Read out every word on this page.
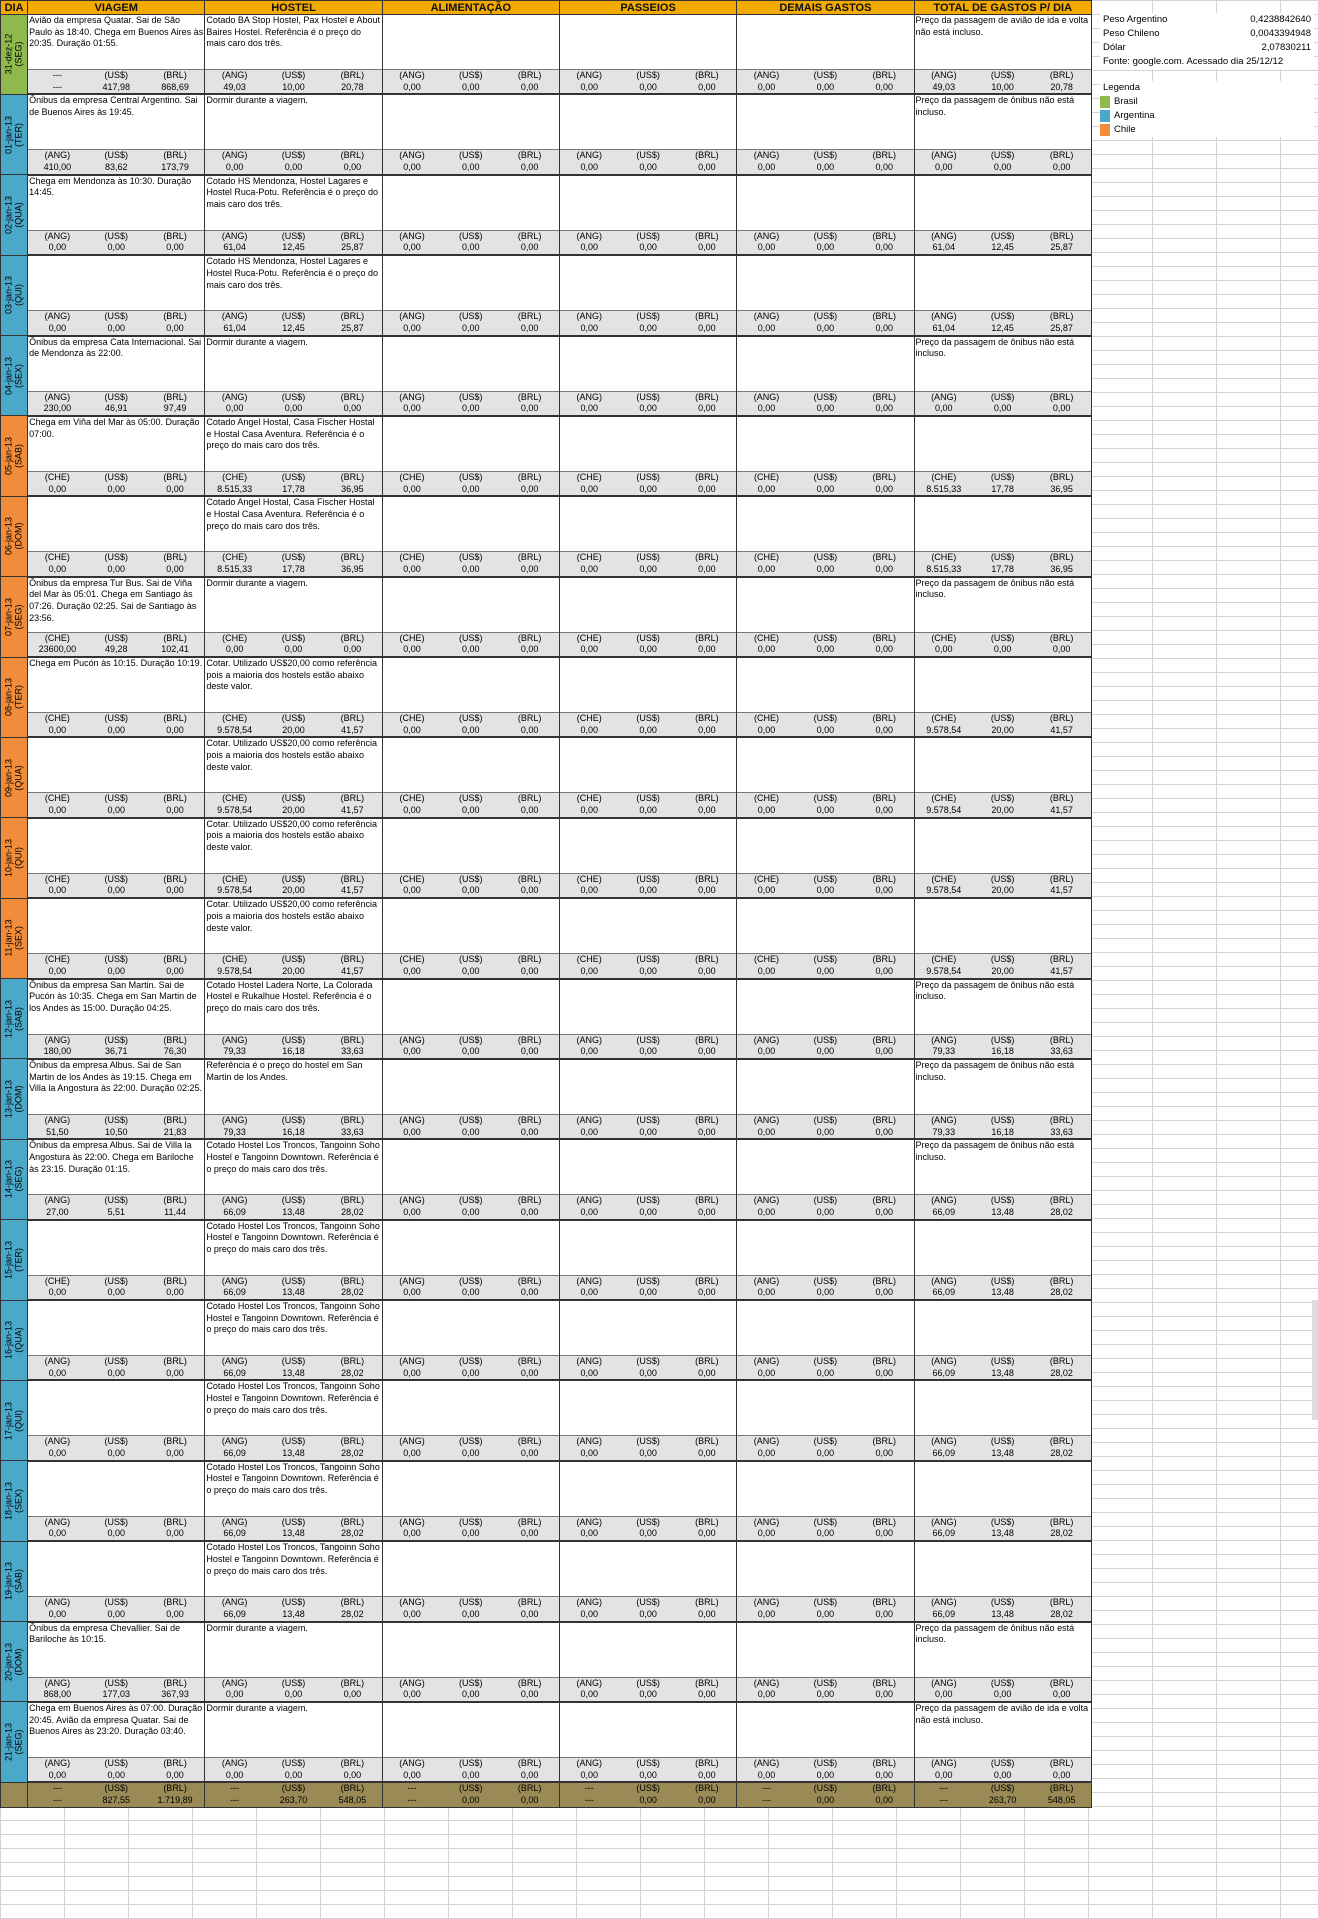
DIA	VIAGEM			HOSTEL			ALIMENTAÇÃO			PASSEIOS			DEMAIS GASTOS			TOTAL DE GASTOS P/ DIA		

31-dez-12
(SEG)	Avião da empresa Quatar. Sai de São Paulo às 18:40. Chega em Buenos Aires às 20:35. Duração 01:55.			Cotado BA Stop Hostel, Pax Hostel e About Baires Hostel. Referência é o preço do mais caro dos três.												Preço da passagem de avião de ida e volta não está incluso.		
	---	(US$)	(BRL)	(ANG)	(US$)	(BRL)	(ANG)	(US$)	(BRL)	(ANG)	(US$)	(BRL)	(ANG)	(US$)	(BRL)	(ANG)	(US$)	(BRL)
	---	417,98	868,69	49,03	10,00	20,78	0,00	0,00	0,00	0,00	0,00	0,00	0,00	0,00	0,00	49,03	10,00	20,78

01-jan-13
(TER)	Ônibus da empresa Central Argentino. Sai de Buenos Aires às 19:45.			Dormir durante a viagem.												Preço da passagem de ônibus não está incluso.		
	(ANG)	(US$)	(BRL)	(ANG)	(US$)	(BRL)	(ANG)	(US$)	(BRL)	(ANG)	(US$)	(BRL)	(ANG)	(US$)	(BRL)	(ANG)	(US$)	(BRL)
	410,00	83,62	173,79	0,00	0,00	0,00	0,00	0,00	0,00	0,00	0,00	0,00	0,00	0,00	0,00	0,00	0,00	0,00

02-jan-13
(QUA)	Chega em Mendonza às 10:30. Duração 14:45.			Cotado HS Mendonza, Hostel Lagares e Hostel Ruca-Potu. Referência é o preço do mais caro dos três.														
	(ANG)	(US$)	(BRL)	(ANG)	(US$)	(BRL)	(ANG)	(US$)	(BRL)	(ANG)	(US$)	(BRL)	(ANG)	(US$)	(BRL)	(ANG)	(US$)	(BRL)
	0,00	0,00	0,00	61,04	12,45	25,87	0,00	0,00	0,00	0,00	0,00	0,00	0,00	0,00	0,00	61,04	12,45	25,87

03-jan-13
(QUI)				Cotado HS Mendonza, Hostel Lagares e Hostel Ruca-Potu. Referência é o preço do mais caro dos três.														
	(ANG)	(US$)	(BRL)	(ANG)	(US$)	(BRL)	(ANG)	(US$)	(BRL)	(ANG)	(US$)	(BRL)	(ANG)	(US$)	(BRL)	(ANG)	(US$)	(BRL)
	0,00	0,00	0,00	61,04	12,45	25,87	0,00	0,00	0,00	0,00	0,00	0,00	0,00	0,00	0,00	61,04	12,45	25,87

04-jan-13
(SEX)	Ônibus da empresa Cata Internacional. Sai de Mendonza às 22:00.			Dormir durante a viagem.												Preço da passagem de ônibus não está incluso.		
	(ANG)	(US$)	(BRL)	(ANG)	(US$)	(BRL)	(ANG)	(US$)	(BRL)	(ANG)	(US$)	(BRL)	(ANG)	(US$)	(BRL)	(ANG)	(US$)	(BRL)
	230,00	46,91	97,49	0,00	0,00	0,00	0,00	0,00	0,00	0,00	0,00	0,00	0,00	0,00	0,00	0,00	0,00	0,00

05-jan-13
(SAB)	Chega em Viña del Mar às 05:00. Duração 07:00.			Cotado Angel Hostal, Casa Fischer Hostal e Hostal Casa Aventura. Referência é o preço do mais caro dos três.														
	(CHE)	(US$)	(BRL)	(CHE)	(US$)	(BRL)	(CHE)	(US$)	(BRL)	(CHE)	(US$)	(BRL)	(CHE)	(US$)	(BRL)	(CHE)	(US$)	(BRL)
	0,00	0,00	0,00	8.515,33	17,78	36,95	0,00	0,00	0,00	0,00	0,00	0,00	0,00	0,00	0,00	8.515,33	17,78	36,95

06-jan-13
(DOM)				Cotado Angel Hostal, Casa Fischer Hostal e Hostal Casa Aventura. Referência é o preço do mais caro dos três.														
	(CHE)	(US$)	(BRL)	(CHE)	(US$)	(BRL)	(CHE)	(US$)	(BRL)	(CHE)	(US$)	(BRL)	(CHE)	(US$)	(BRL)	(CHE)	(US$)	(BRL)
	0,00	0,00	0,00	8.515,33	17,78	36,95	0,00	0,00	0,00	0,00	0,00	0,00	0,00	0,00	0,00	8.515,33	17,78	36,95

07-jan-13
(SEG)	Ônibus da empresa Tur Bus. Sai de Viña del Mar às 05:01. Chega em Santiago às 07:26. Duração 02:25. Sai de Santiago às 23:56.			Dormir durante a viagem.												Preço da passagem de ônibus não está incluso.		
	(CHE)	(US$)	(BRL)	(CHE)	(US$)	(BRL)	(CHE)	(US$)	(BRL)	(CHE)	(US$)	(BRL)	(CHE)	(US$)	(BRL)	(CHE)	(US$)	(BRL)
	23600,00	49,28	102,41	0,00	0,00	0,00	0,00	0,00	0,00	0,00	0,00	0,00	0,00	0,00	0,00	0,00	0,00	0,00

08-jan-13
(TER)	Chega em Pucón às 10:15. Duração 10:19.			Cotar. Utilizado US$20,00 como referência pois a maioria dos hostels estão abaixo deste valor.														
	(CHE)	(US$)	(BRL)	(CHE)	(US$)	(BRL)	(CHE)	(US$)	(BRL)	(CHE)	(US$)	(BRL)	(CHE)	(US$)	(BRL)	(CHE)	(US$)	(BRL)
	0,00	0,00	0,00	9.578,54	20,00	41,57	0,00	0,00	0,00	0,00	0,00	0,00	0,00	0,00	0,00	9.578,54	20,00	41,57

09-jan-13
(QUA)				Cotar. Utilizado US$20,00 como referência pois a maioria dos hostels estão abaixo deste valor.														
	(CHE)	(US$)	(BRL)	(CHE)	(US$)	(BRL)	(CHE)	(US$)	(BRL)	(CHE)	(US$)	(BRL)	(CHE)	(US$)	(BRL)	(CHE)	(US$)	(BRL)
	0,00	0,00	0,00	9.578,54	20,00	41,57	0,00	0,00	0,00	0,00	0,00	0,00	0,00	0,00	0,00	9.578,54	20,00	41,57

10-jan-13
(QUI)				Cotar. Utilizado US$20,00 como referência pois a maioria dos hostels estão abaixo deste valor.														
	(CHE)	(US$)	(BRL)	(CHE)	(US$)	(BRL)	(CHE)	(US$)	(BRL)	(CHE)	(US$)	(BRL)	(CHE)	(US$)	(BRL)	(CHE)	(US$)	(BRL)
	0,00	0,00	0,00	9.578,54	20,00	41,57	0,00	0,00	0,00	0,00	0,00	0,00	0,00	0,00	0,00	9.578,54	20,00	41,57

11-jan-13
(SEX)				Cotar. Utilizado US$20,00 como referência pois a maioria dos hostels estão abaixo deste valor.														
	(CHE)	(US$)	(BRL)	(CHE)	(US$)	(BRL)	(CHE)	(US$)	(BRL)	(CHE)	(US$)	(BRL)	(CHE)	(US$)	(BRL)	(CHE)	(US$)	(BRL)
	0,00	0,00	0,00	9.578,54	20,00	41,57	0,00	0,00	0,00	0,00	0,00	0,00	0,00	0,00	0,00	9.578,54	20,00	41,57

12-jan-13
(SAB)	Ônibus da empresa San Martin. Sai de Pucón às 10:35. Chega em San Martin de los Andes às 15:00. Duração 04:25.			Cotado Hostel Ladera Norte, La Colorada Hostel e Rukalhue Hostel. Referência é o preço do mais caro dos três.												Preço da passagem de ônibus não está incluso.		
	(ANG)	(US$)	(BRL)	(ANG)	(US$)	(BRL)	(ANG)	(US$)	(BRL)	(ANG)	(US$)	(BRL)	(ANG)	(US$)	(BRL)	(ANG)	(US$)	(BRL)
	180,00	36,71	76,30	79,33	16,18	33,63	0,00	0,00	0,00	0,00	0,00	0,00	0,00	0,00	0,00	79,33	16,18	33,63

13-jan-13
(DOM)	Ônibus da empresa Albus. Sai de San Martin de los Andes às 19:15. Chega em Villa la Angostura às 22:00. Duração 02:25.			Referência é o preço do hostel em San Martin de los Andes.												Preço da passagem de ônibus não está incluso.		
	(ANG)	(US$)	(BRL)	(ANG)	(US$)	(BRL)	(ANG)	(US$)	(BRL)	(ANG)	(US$)	(BRL)	(ANG)	(US$)	(BRL)	(ANG)	(US$)	(BRL)
	51,50	10,50	21,83	79,33	16,18	33,63	0,00	0,00	0,00	0,00	0,00	0,00	0,00	0,00	0,00	79,33	16,18	33,63

14-jan-13
(SEG)	Ônibus da empresa Albus. Sai de Villa la Angostura às 22:00. Chega em Bariloche às 23:15. Duração 01:15.			Cotado Hostel Los Troncos, Tangoinn Soho Hostel e Tangoinn Downtown. Referência é o preço do mais caro dos três.												Preço da passagem de ônibus não está incluso.		
	(ANG)	(US$)	(BRL)	(ANG)	(US$)	(BRL)	(ANG)	(US$)	(BRL)	(ANG)	(US$)	(BRL)	(ANG)	(US$)	(BRL)	(ANG)	(US$)	(BRL)
	27,00	5,51	11,44	66,09	13,48	28,02	0,00	0,00	0,00	0,00	0,00	0,00	0,00	0,00	0,00	66,09	13,48	28,02

15-jan-13
(TER)				Cotado Hostel Los Troncos, Tangoinn Soho Hostel e Tangoinn Downtown. Referência é o preço do mais caro dos três.														
	(CHE)	(US$)	(BRL)	(ANG)	(US$)	(BRL)	(ANG)	(US$)	(BRL)	(ANG)	(US$)	(BRL)	(ANG)	(US$)	(BRL)	(ANG)	(US$)	(BRL)
	0,00	0,00	0,00	66,09	13,48	28,02	0,00	0,00	0,00	0,00	0,00	0,00	0,00	0,00	0,00	66,09	13,48	28,02

16-jan-13
(QUA)				Cotado Hostel Los Troncos, Tangoinn Soho Hostel e Tangoinn Downtown. Referência é o preço do mais caro dos três.														
	(ANG)	(US$)	(BRL)	(ANG)	(US$)	(BRL)	(ANG)	(US$)	(BRL)	(ANG)	(US$)	(BRL)	(ANG)	(US$)	(BRL)	(ANG)	(US$)	(BRL)
	0,00	0,00	0,00	66,09	13,48	28,02	0,00	0,00	0,00	0,00	0,00	0,00	0,00	0,00	0,00	66,09	13,48	28,02

17-jan-13
(QUI)				Cotado Hostel Los Troncos, Tangoinn Soho Hostel e Tangoinn Downtown. Referência é o preço do mais caro dos três.														
	(ANG)	(US$)	(BRL)	(ANG)	(US$)	(BRL)	(ANG)	(US$)	(BRL)	(ANG)	(US$)	(BRL)	(ANG)	(US$)	(BRL)	(ANG)	(US$)	(BRL)
	0,00	0,00	0,00	66,09	13,48	28,02	0,00	0,00	0,00	0,00	0,00	0,00	0,00	0,00	0,00	66,09	13,48	28,02

18-jan-13
(SEX)				Cotado Hostel Los Troncos, Tangoinn Soho Hostel e Tangoinn Downtown. Referência é o preço do mais caro dos três.														
	(ANG)	(US$)	(BRL)	(ANG)	(US$)	(BRL)	(ANG)	(US$)	(BRL)	(ANG)	(US$)	(BRL)	(ANG)	(US$)	(BRL)	(ANG)	(US$)	(BRL)
	0,00	0,00	0,00	66,09	13,48	28,02	0,00	0,00	0,00	0,00	0,00	0,00	0,00	0,00	0,00	66,09	13,48	28,02

19-jan-13
(SAB)				Cotado Hostel Los Troncos, Tangoinn Soho Hostel e Tangoinn Downtown. Referência é o preço do mais caro dos três.														
	(ANG)	(US$)	(BRL)	(ANG)	(US$)	(BRL)	(ANG)	(US$)	(BRL)	(ANG)	(US$)	(BRL)	(ANG)	(US$)	(BRL)	(ANG)	(US$)	(BRL)
	0,00	0,00	0,00	66,09	13,48	28,02	0,00	0,00	0,00	0,00	0,00	0,00	0,00	0,00	0,00	66,09	13,48	28,02

20-jan-13
(DOM)	Ônibus da empresa Chevallier. Sai de Bariloche às 10:15.			Dormir durante a viagem.												Preço da passagem de ônibus não está incluso.		
	(ANG)	(US$)	(BRL)	(ANG)	(US$)	(BRL)	(ANG)	(US$)	(BRL)	(ANG)	(US$)	(BRL)	(ANG)	(US$)	(BRL)	(ANG)	(US$)	(BRL)
	868,00	177,03	367,93	0,00	0,00	0,00	0,00	0,00	0,00	0,00	0,00	0,00	0,00	0,00	0,00	0,00	0,00	0,00

21-jan-13
(SEG)	Chega em Buenos Aires às 07:00. Duração 20:45. Avião da empresa Quatar. Sai de Buenos Aires às 23:20. Duração 03:40.			Dormir durante a viagem.												Preço da passagem de avião de ida e volta não está incluso.		
	(ANG)	(US$)	(BRL)	(ANG)	(US$)	(BRL)	(ANG)	(US$)	(BRL)	(ANG)	(US$)	(BRL)	(ANG)	(US$)	(BRL)	(ANG)	(US$)	(BRL)
	0,00	0,00	0,00	0,00	0,00	0,00	0,00	0,00	0,00	0,00	0,00	0,00	0,00	0,00	0,00	0,00	0,00	0,00
	---	(US$)	(BRL)	---	(US$)	(BRL)	---	(US$)	(BRL)	---	(US$)	(BRL)	---	(US$)	(BRL)	---	(US$)	(BRL)
	---	827,55	1.719,89	---	263,70	548,05	---	0,00	0,00	---	0,00	0,00	---	0,00	0,00	---	263,70	548,05
Peso Argentino	0,4238842640
Peso Chileno	0,0043394948
Dólar	2,07830211
Fonte: google.com. Acessado dia 25/12/12
Legenda
Brasil
Argentina
Chile
